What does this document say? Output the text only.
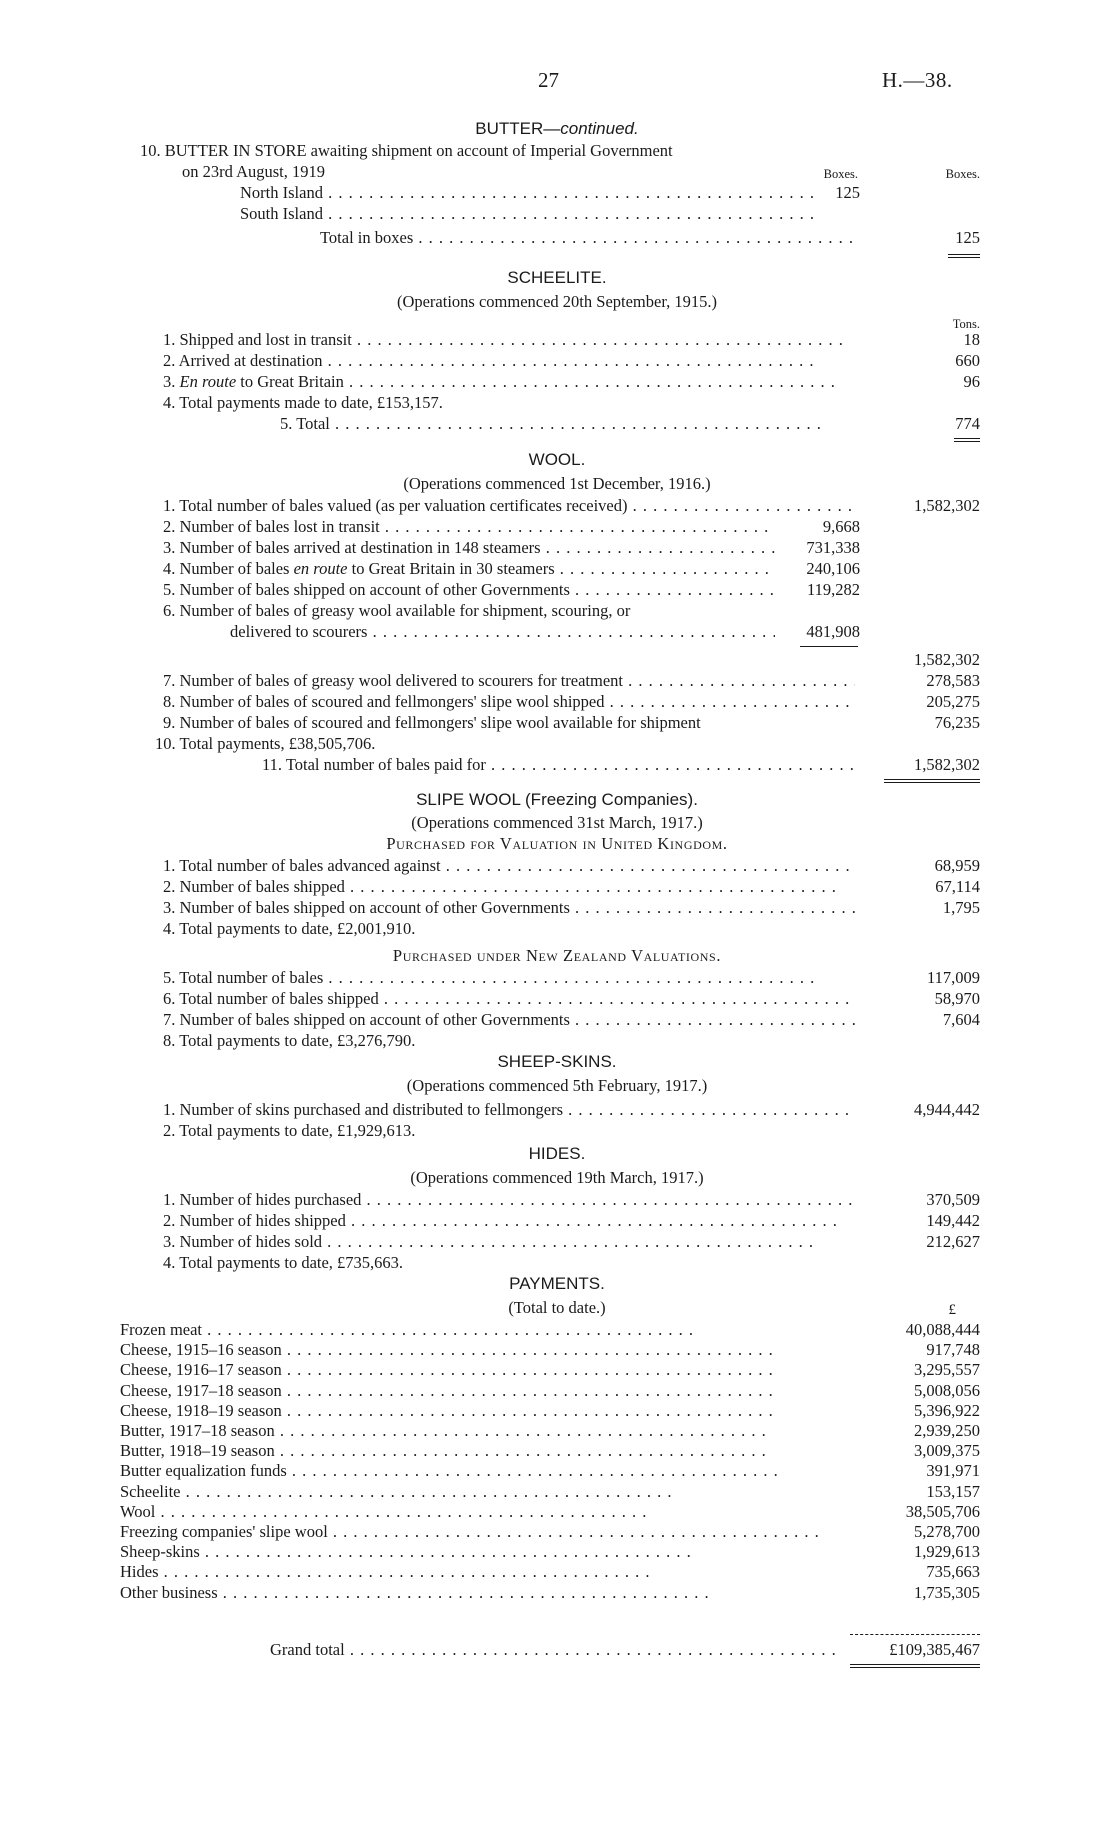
27	H.—38.
BUTTER—continued.
10. BUTTER IN STORE awaiting shipment on account of Imperial Government
on 23rd August, 1919	Boxes.	Boxes.
North Island . .	125
South Island . .
Total in boxes . .	125
SCHEELITE.
(Operations commenced 20th September, 1915.)
Tons.
1. Shipped and lost in transit . .	18
2. Arrived at destination . .	660
3. En route to Great Britain . .	96
4. Total payments made to date, £153,157.
5. Total . .	774
WOOL.
(Operations commenced 1st December, 1916.)
1. Total number of bales valued (as per valuation certificates received) . .	1,582,302
2. Number of bales lost in transit . .	9,668
3. Number of bales arrived at destination in 148 steamers . .	731,338
4. Number of bales en route to Great Britain in 30 steamers . .	240,106
5. Number of bales shipped on account of other Governments . .	119,282
6. Number of bales of greasy wool available for shipment, scouring, or
delivered to scourers . .	481,908
1,582,302
7. Number of bales of greasy wool delivered to scourers for treatment . .	278,583
8. Number of bales of scoured and fellmongers' slipe wool shipped . .	205,275
9. Number of bales of scoured and fellmongers' slipe wool available for shipment	76,235
10. Total payments, £38,505,706.
11. Total number of bales paid for . .	1,582,302
SLIPE WOOL (Freezing Companies).
(Operations commenced 31st March, 1917.)
Purchased for Valuation in United Kingdom.
1. Total number of bales advanced against . .	68,959
2. Number of bales shipped . .	67,114
3. Number of bales shipped on account of other Governments . .	1,795
4. Total payments to date, £2,001,910.
Purchased under New Zealand Valuations.
5. Total number of bales . .	117,009
6. Total number of bales shipped . .	58,970
7. Number of bales shipped on account of other Governments . .	7,604
8. Total payments to date, £3,276,790.
SHEEP-SKINS.
(Operations commenced 5th February, 1917.)
1. Number of skins purchased and distributed to fellmongers . .	4,944,442
2. Total payments to date, £1,929,613.
HIDES.
(Operations commenced 19th March, 1917.)
1. Number of hides purchased . .	370,509
2. Number of hides shipped . .	149,442
3. Number of hides sold . .	212,627
4. Total payments to date, £735,663.
PAYMENTS.
(Total to date.)	£
Frozen meat . .	40,088,444
Cheese, 1915–16 season . .	917,748
Cheese, 1916–17 season . .	3,295,557
Cheese, 1917–18 season . .	5,008,056
Cheese, 1918–19 season . .	5,396,922
Butter, 1917–18 season . .	2,939,250
Butter, 1918–19 season . .	3,009,375
Butter equalization funds . .	391,971
Scheelite . .	153,157
Wool . .	38,505,706
Freezing companies' slipe wool . .	5,278,700
Sheep-skins . .	1,929,613
Hides . .	735,663
Other business . .	1,735,305
Grand total . .	£109,385,467
